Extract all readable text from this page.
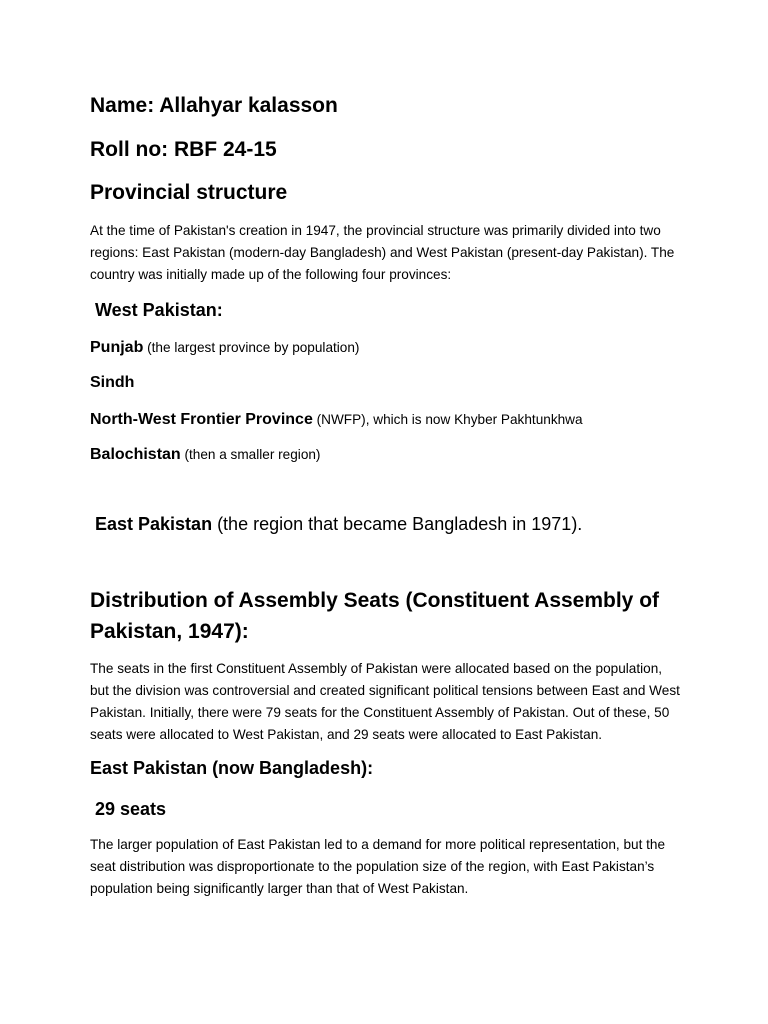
Name: Allahyar kalasson
Roll no: RBF 24-15
Provincial structure

At the time of Pakistan's creation in 1947, the provincial structure was primarily divided into two regions: East Pakistan (modern-day Bangladesh) and West Pakistan (present-day Pakistan). The country was initially made up of the following four provinces:

West Pakistan:

Punjab (the largest province by population)

Sindh

North-West Frontier Province (NWFP), which is now Khyber Pakhtunkhwa

Balochistan (then a smaller region)

East Pakistan (the region that became Bangladesh in 1971).

Distribution of Assembly Seats (Constituent Assembly of Pakistan, 1947):

The seats in the first Constituent Assembly of Pakistan were allocated based on the population, but the division was controversial and created significant political tensions between East and West Pakistan. Initially, there were 79 seats for the Constituent Assembly of Pakistan. Out of these, 50 seats were allocated to West Pakistan, and 29 seats were allocated to East Pakistan.

East Pakistan (now Bangladesh):
29 seats

The larger population of East Pakistan led to a demand for more political representation, but the seat distribution was disproportionate to the population size of the region, with East Pakistan’s population being significantly larger than that of West Pakistan.
